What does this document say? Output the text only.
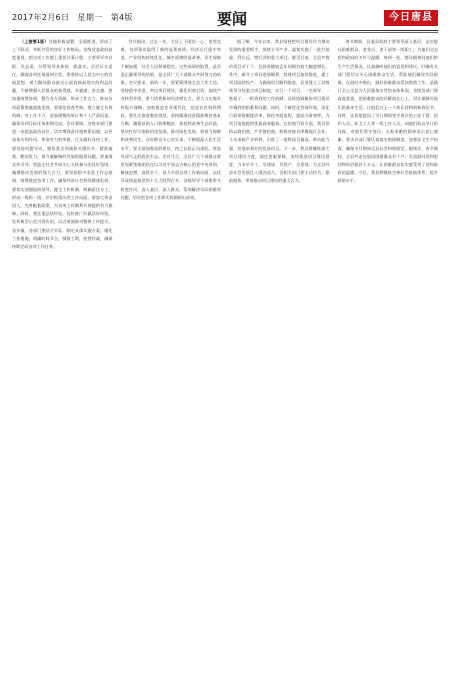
2017年2月6日　星期一　第4版	要闻	今日唐县

（上接第1版）各地积极部署，全面推进，形成了上下联动、齐抓共管的良好工作格局。各级党委政府高度重视，把这项工作摆上重要议事日程，主要领导亲自抓、负总责，分管领导具体抓、抓落实，层层压实责任，确保各项任务落到实处。要坚持以人民为中心的发展思想，着力解决群众最关心最直接最现实的利益问题，不断增强人民群众的获得感、幸福感、安全感。要加强统筹协调，整合各方资源，形成工作合力，推动各项政策措施落地见效。要强化督查考核，建立健全长效机制，对工作不力、进展缓慢的单位和个人严肃问责，确保各项目标任务如期完成。会议强调，各级各部门要进一步提高政治站位，切实增强责任感和紧迫感，以更加务实的作风、更加有力的举措，扎实做好各项工作。要坚持问题导向，聚焦重点领域和关键环节，精准施策，靶向发力，着力破解制约发展的瓶颈问题。要加强宣传引导，营造全社会共同关心支持参与的良好氛围，凝聚推动发展的强大合力。要坚持稳中求进工作总基调，统筹推进各项工作，确保经济社会持续健康发展。要切实加强组织领导，健全工作机制，明确责任分工，形成一级抓一级、层层抓落实的工作局面。要加大资金投入，完善配套政策，为各项工作顺利开展提供有力保障。同时，要注重总结经验，及时推广好做法好经验，发挥典型示范引领作用，以点带面推动整体工作提升。各乡镇、各部门要结合实际，制定具体实施方案，细化工作措施，明确时间节点，倒排工期，挂图作战，确保按期完成各项工作任务。

会议指出，过去一年，全县上下团结一心、攻坚克难，各项事业取得了新的显著成绩。经济运行稳中有进，产业结构持续优化，城乡面貌明显改善，民生保障不断加强，社会大局和谐稳定。这些成绩的取得，是县委正确领导的结果，是全县广大干部群众共同努力的结果。会议要求，新的一年，要紧紧围绕全县工作大局，坚持稳中求进，突出项目建设，强化招商引资，加快产业转型升级，着力培育新的经济增长点。要大力实施乡村振兴战略，加快推进农业现代化，促进农民持续增收。要扎实推进脱贫攻坚，坚持精准扶贫精准脱贫基本方略，确保贫困人口如期脱贫。要持续改善生态环境，坚决打好污染防治攻坚战，推动绿色发展。要着力保障和改善民生，办好群众关心的实事，不断提高人民生活水平。要全面加强党的建设，持之以恒正风肃纪，营造风清气正的政治生态。会议号召，全县广大干部群众要更加紧密地团结在以习近平同志为核心的党中央周围，解放思想，真抓实干，奋力开创各项工作新局面，以优异成绩迎接党的十九大胜利召开。各级领导干部要带头转变作风，深入基层，深入群众，帮助解决实际困难和问题，切实把各项工作抓实抓细抓出成效。

据了解，今年以来，我县坚持把项目建设作为推动发展的重要抓手，围绕主导产业，谋划实施了一批打基础、利长远、增后劲的重大项目。截至目前，全县共签约项目若干个，总投资额较去年同期有较大幅度增长。其中，新开工项目进展顺利，续建项目加快推进，竣工项目陆续投产。为确保项目顺利推进，县里建立了县级领导分包重点项目制度，实行一个项目、一名领导、一套班子、一抓到底的工作机制，及时协调解决项目建设中遇到的困难和问题。同时，不断优化营商环境，深化行政审批制度改革，简化审批流程，提高办事效率，为项目落地提供优质高效服务。在招商引资方面，我县坚持以商招商、产业链招商，积极对接京津冀地区企业，主动承接产业转移，引进了一批科技含量高、带动能力强、发展前景好的优质项目。下一步，我县将继续加大项目建设力度，强化要素保障，加快推进项目建设进度，力争早开工、早建成、早投产、早见效，为全县经济社会发展注入强劲动力。各相关部门要主动作为，靠前服务，形成推动项目建设的强大合力。

春节期间，县委县政府主要领导深入基层，走访慰问困难群众、老党员、老干部和一线职工，为他们送去党和政府的关怀与温暖。每到一处，都详细询问他们的生产生活情况，认真倾听他们的意见和建议，叮嘱有关部门要切实关心困难群众生活，帮助他们解决实际困难。在慰问中指出，做好困难群众帮扶救助工作，是践行全心全意为人民服务宗旨的具体体现。各级各部门要高度重视，把困难群众的冷暖放在心上，切实保障好他们的基本生活，让他们过上一个欢乐祥和的新春佳节。同时，还看望慰问了节日期间坚守岗位的公安干警、医护人员、环卫工人等一线工作人员，向他们致以节日的问候，对他们坚守岗位、无私奉献的精神表示衷心感谢。要求各部门要认真落实值班制度，加强安全生产检查，确保节日期间全县社会和谐稳定。据统计，春节期间，全县共走访慰问困难群众若干户，发放慰问金和慰问物资价值若干万元，让困难群众切实感受到了党和政府的温暖。今后，我县将继续完善社会救助体系，提升救助水平。
